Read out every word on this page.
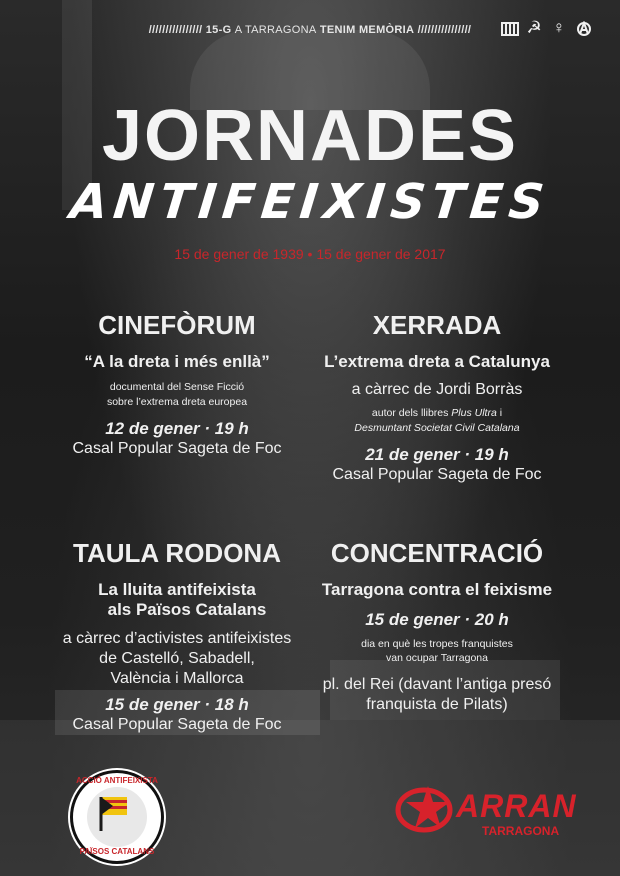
//////////////// 15-G A TARRAGONA TENIM MEMÒRIA ////////////////	☭ ♀
JORNADES
ANTIFEIXISTES
15 de gener de 1939 • 15 de gener de 2017
CINEFÒRUM
“A la dreta i més enllà”
documental del Sense Ficció
sobre l’extrema dreta europea
12 de gener · 19 h
Casal Popular Sageta de Foc
XERRADA
L’extrema dreta a Catalunya
a càrrec de Jordi Borràs
autor dels llibres Plus Ultra i
Desmuntant Societat Civil Catalana
21 de gener · 19 h
Casal Popular Sageta de Foc
TAULA RODONA
La lluita antifeixista
als Països Catalans
a càrrec d’activistes antifeixistes
de Castelló, Sabadell,
València i Mallorca
15 de gener · 18 h
Casal Popular Sageta de Foc
CONCENTRACIÓ
Tarragona contra el feixisme
15 de gener · 20 h
dia en què les tropes franquistes
van ocupar Tarragona
pl. del Rei (davant l’antiga presó
franquista de Pilats)
ACCIÓ ANTIFEIXISTA
PAÏSOS CATALANS
ARRAN
TARRAGONA
